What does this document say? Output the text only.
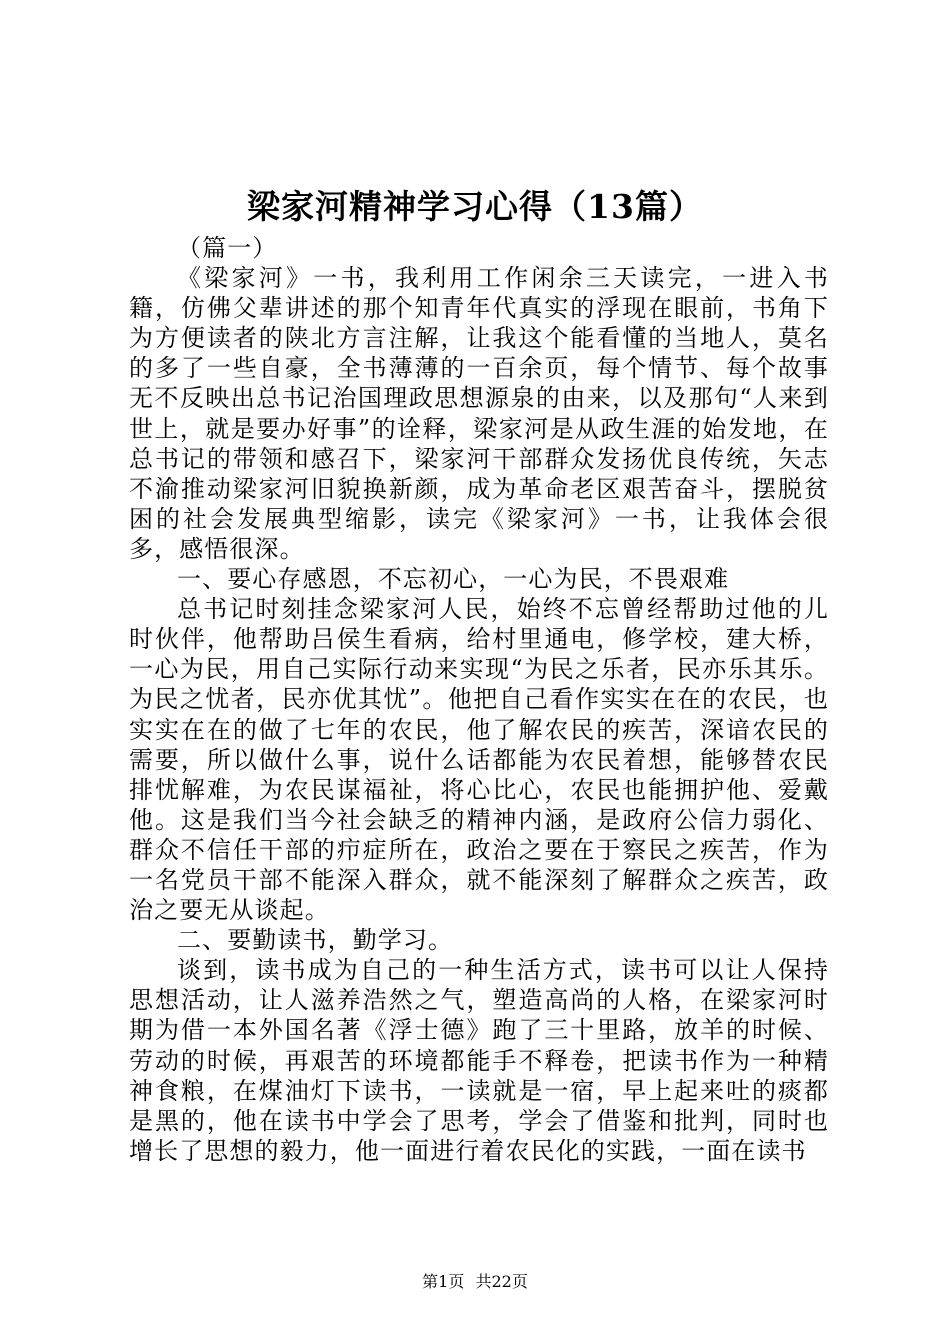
梁家河精神学习心得（13篇）

（篇一）

《梁家河》一书，我利用工作闲余三天读完，一进入书籍，仿佛父辈讲述的那个知青年代真实的浮现在眼前，书角下为方便读者的陕北方言注解，让我这个能看懂的当地人，莫名的多了一些自豪，全书薄薄的一百余页，每个情节、每个故事无不反映出总书记治国理政思想源泉的由来，以及那句“人来到世上，就是要办好事”的诠释，梁家河是从政生涯的始发地，在总书记的带领和感召下，梁家河干部群众发扬优良传统，矢志不渝推动梁家河旧貌换新颜，成为革命老区艰苦奋斗，摆脱贫困的社会发展典型缩影，读完《梁家河》一书，让我体会很多，感悟很深。

一、要心存感恩，不忘初心，一心为民，不畏艰难

总书记时刻挂念梁家河人民，始终不忘曾经帮助过他的儿时伙伴，他帮助吕侯生看病，给村里通电，修学校，建大桥，一心为民，用自己实际行动来实现“为民之乐者，民亦乐其乐。为民之忧者，民亦优其忧”。他把自己看作实实在在的农民，也实实在在的做了七年的农民，他了解农民的疾苦，深谙农民的需要，所以做什么事，说什么话都能为农民着想，能够替农民排忧解难，为农民谋福祉，将心比心，农民也能拥护他、爱戴他。这是我们当今社会缺乏的精神内涵，是政府公信力弱化、群众不信任干部的疖症所在，政治之要在于察民之疾苦，作为一名党员干部不能深入群众，就不能深刻了解群众之疾苦，政治之要无从谈起。

二、要勤读书，勤学习。

谈到，读书成为自己的一种生活方式，读书可以让人保持思想活动，让人滋养浩然之气，塑造高尚的人格，在梁家河时期为借一本外国名著《浮士德》跑了三十里路，放羊的时候、劳动的时候，再艰苦的环境都能手不释卷，把读书作为一种精神食粮，在煤油灯下读书，一读就是一宿，早上起来吐的痰都是黑的，他在读书中学会了思考，学会了借鉴和批判，同时也增长了思想的毅力，他一面进行着农民化的实践，一面在读书

第1页 共22页
